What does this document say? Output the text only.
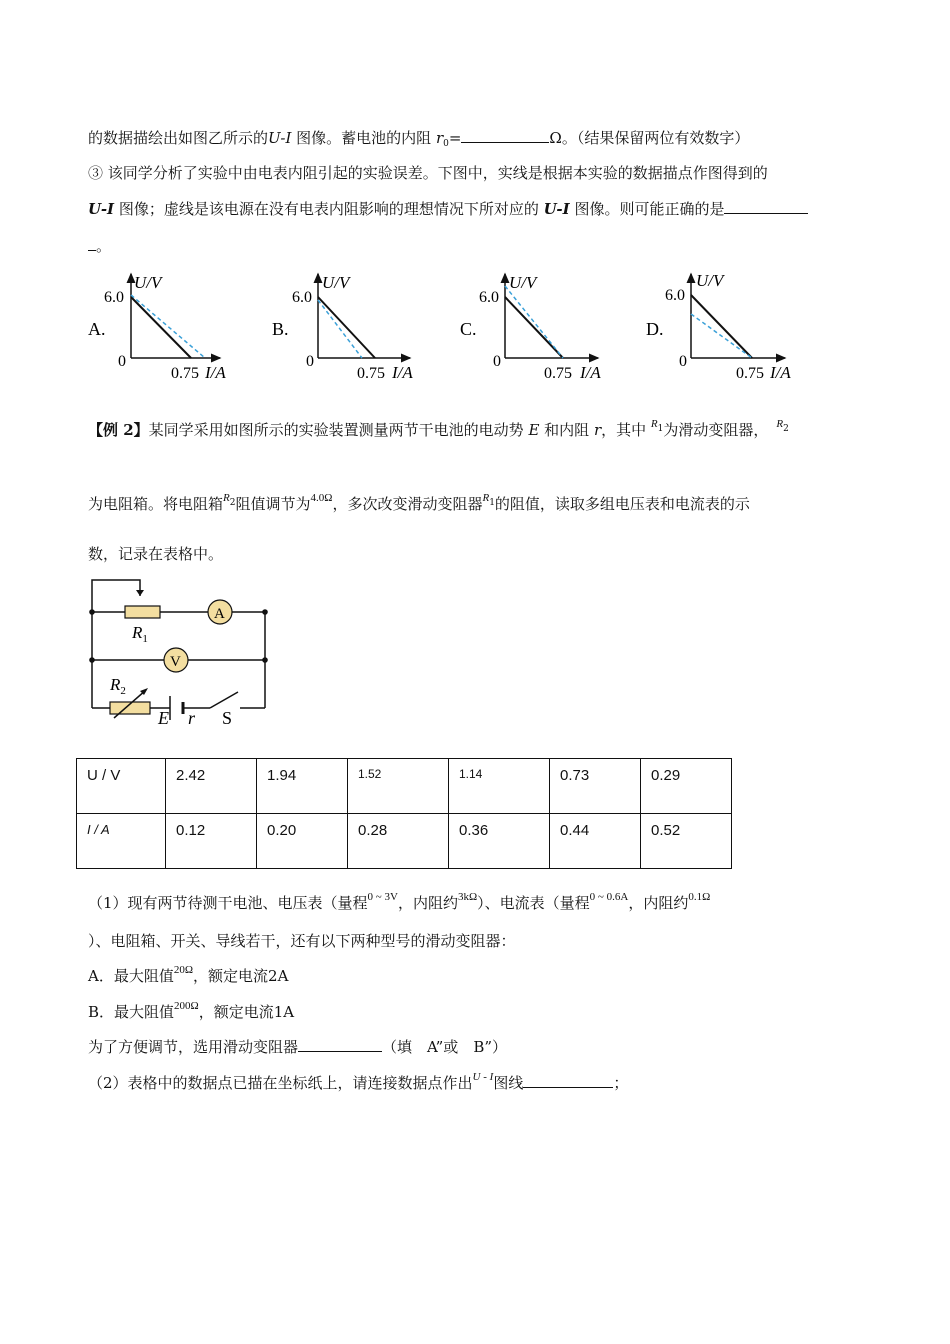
的数据描绘出如图乙所示的U-I 图像。蓄电池的内阻 $r_0=$	Ω。（结果保留两位有效数字）
③ 该同学分析了实验中由电表内阻引起的实验误差。下图中，实线是根据本实验的数据描点作图得到的
U-I 图像；虚线是该电源在没有电表内阻影响的理想情况下所对应的 U-I 图像。则可能正确的是
。
A.
U/V
6.0
0
0.75 I/A
B.
U/V
6.0
0
0.75 I/A
C.
U/V
6.0
0
0.75 I/A
D.
U/V
6.0
0
0.75 I/A
【例 2】某同学采用如图所示的实验装置测量两节干电池的电动势 E 和内阻 r，其中 $^{R1}$为滑动变阻器， $^{R2}$
为电阻箱。将电阻箱$^{R2}$阻值调节为$^{4.0\Omega}$，多次改变滑动变阻器$^{R1}$的阻值，读取多组电压表和电流表的示
数，记录在表格中。
A
V
$R_1$
$R_2$
E r S
U / V	2.42	1.94	1.52	1.14	0.73	0.29
I / A	0.12	0.20	0.28	0.36	0.44	0.52
（1）现有两节待测干电池、电压表（量程$^{0 \sim 3V}$，内阻约$^{3k\Omega}$）、电流表（量程$^{0 \sim 0.6A}$，内阻约$^{0.1\Omega}$
）、电阻箱、开关、导线若干，还有以下两种型号的滑动变阻器：
A．最大阻值$^{20\Omega}$，额定电流2A
B．最大阻值$^{200\Omega}$，额定电流1A
为了方便调节，选用滑动变阻器	（填　A”或　B”）
（2）表格中的数据点已描在坐标纸上，请连接数据点作出$^{U - I}$图线	；
